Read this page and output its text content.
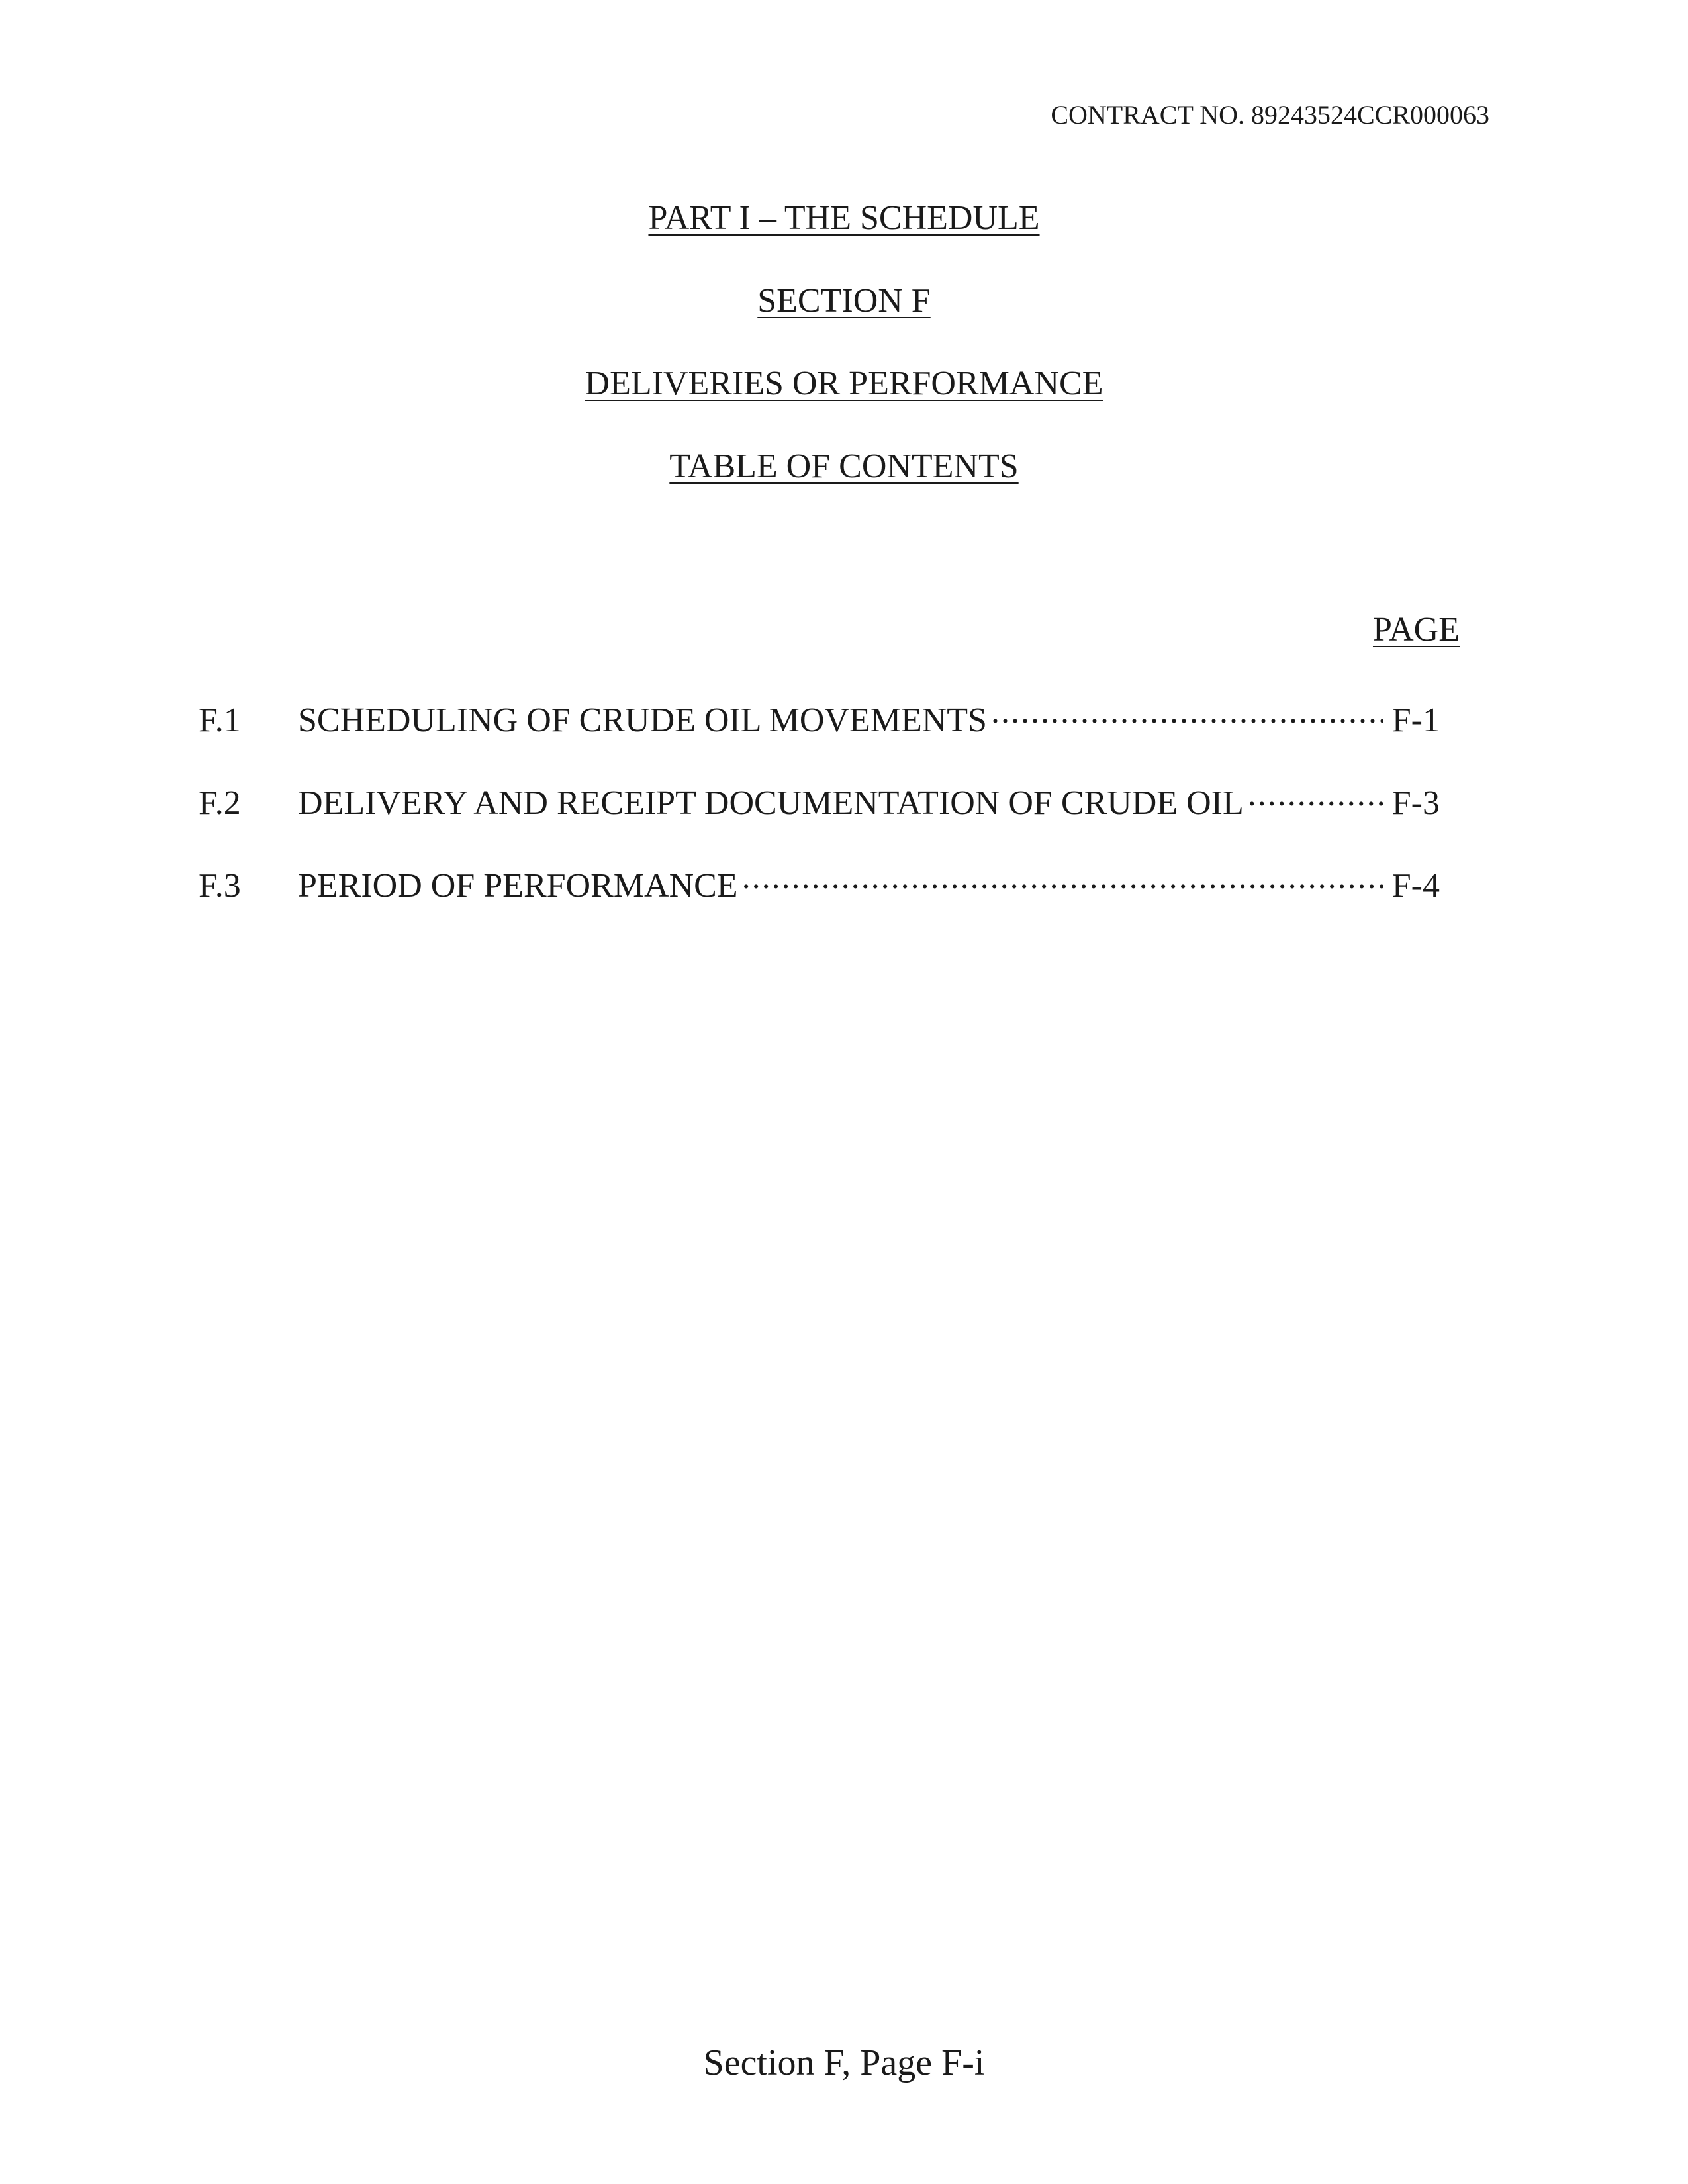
CONTRACT NO. 89243524CCR000063
PART I – THE SCHEDULE
SECTION F
DELIVERIES OR PERFORMANCE
TABLE OF CONTENTS
PAGE
F.1	SCHEDULING OF CRUDE OIL MOVEMENTS .....	F-1
F.2	DELIVERY AND RECEIPT DOCUMENTATION OF CRUDE OIL .....	F-3
F.3	PERIOD OF PERFORMANCE .....	F-4
Section F, Page F-i
